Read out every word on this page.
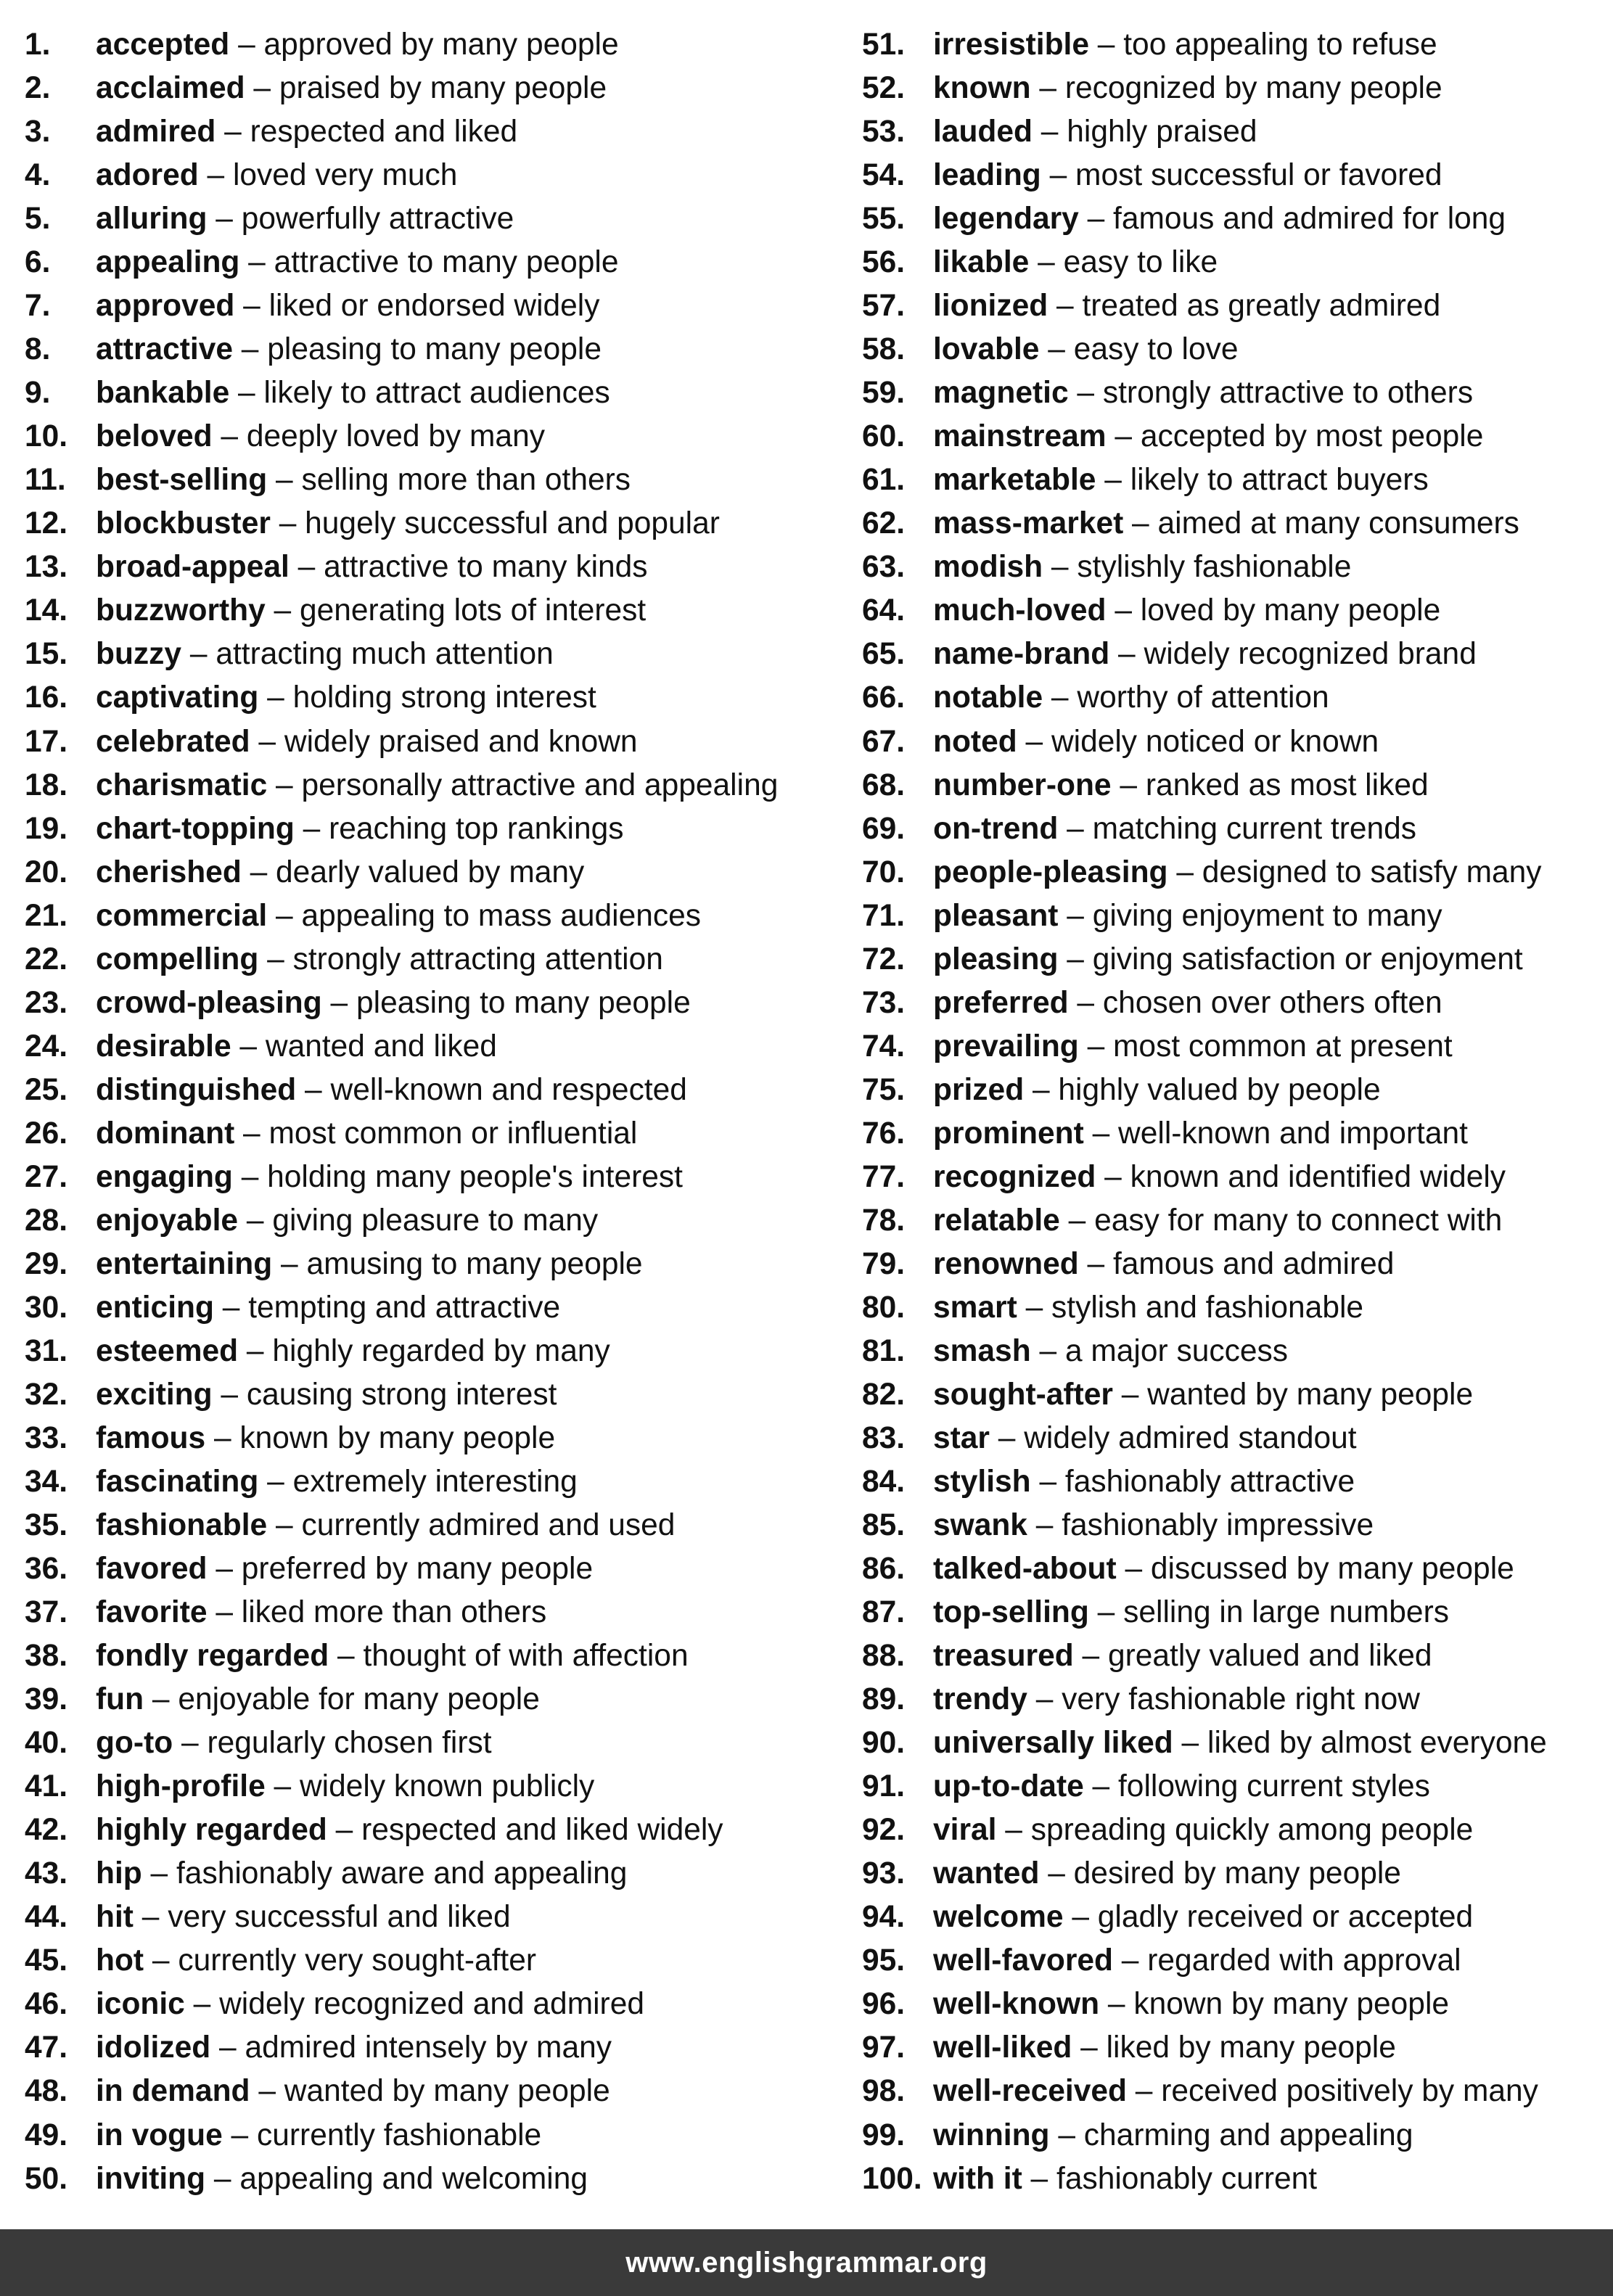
1. accepted – approved by many people
2. acclaimed – praised by many people
3. admired – respected and liked
4. adored – loved very much
5. alluring – powerfully attractive
6. appealing – attractive to many people
7. approved – liked or endorsed widely
8. attractive – pleasing to many people
9. bankable – likely to attract audiences
10. beloved – deeply loved by many
11. best-selling – selling more than others
12. blockbuster – hugely successful and popular
13. broad-appeal – attractive to many kinds
14. buzzworthy – generating lots of interest
15. buzzy – attracting much attention
16. captivating – holding strong interest
17. celebrated – widely praised and known
18. charismatic – personally attractive and appealing
19. chart-topping – reaching top rankings
20. cherished – dearly valued by many
21. commercial – appealing to mass audiences
22. compelling – strongly attracting attention
23. crowd-pleasing – pleasing to many people
24. desirable – wanted and liked
25. distinguished – well-known and respected
26. dominant – most common or influential
27. engaging – holding many people's interest
28. enjoyable – giving pleasure to many
29. entertaining – amusing to many people
30. enticing – tempting and attractive
31. esteemed – highly regarded by many
32. exciting – causing strong interest
33. famous – known by many people
34. fascinating – extremely interesting
35. fashionable – currently admired and used
36. favored – preferred by many people
37. favorite – liked more than others
38. fondly regarded – thought of with affection
39. fun – enjoyable for many people
40. go-to – regularly chosen first
41. high-profile – widely known publicly
42. highly regarded – respected and liked widely
43. hip – fashionably aware and appealing
44. hit – very successful and liked
45. hot – currently very sought-after
46. iconic – widely recognized and admired
47. idolized – admired intensely by many
48. in demand – wanted by many people
49. in vogue – currently fashionable
50. inviting – appealing and welcoming
51. irresistible – too appealing to refuse
52. known – recognized by many people
53. lauded – highly praised
54. leading – most successful or favored
55. legendary – famous and admired for long
56. likable – easy to like
57. lionized – treated as greatly admired
58. lovable – easy to love
59. magnetic – strongly attractive to others
60. mainstream – accepted by most people
61. marketable – likely to attract buyers
62. mass-market – aimed at many consumers
63. modish – stylishly fashionable
64. much-loved – loved by many people
65. name-brand – widely recognized brand
66. notable – worthy of attention
67. noted – widely noticed or known
68. number-one – ranked as most liked
69. on-trend – matching current trends
70. people-pleasing – designed to satisfy many
71. pleasant – giving enjoyment to many
72. pleasing – giving satisfaction or enjoyment
73. preferred – chosen over others often
74. prevailing – most common at present
75. prized – highly valued by people
76. prominent – well-known and important
77. recognized – known and identified widely
78. relatable – easy for many to connect with
79. renowned – famous and admired
80. smart – stylish and fashionable
81. smash – a major success
82. sought-after – wanted by many people
83. star – widely admired standout
84. stylish – fashionably attractive
85. swank – fashionably impressive
86. talked-about – discussed by many people
87. top-selling – selling in large numbers
88. treasured – greatly valued and liked
89. trendy – very fashionable right now
90. universally liked – liked by almost everyone
91. up-to-date – following current styles
92. viral – spreading quickly among people
93. wanted – desired by many people
94. welcome – gladly received or accepted
95. well-favored – regarded with approval
96. well-known – known by many people
97. well-liked – liked by many people
98. well-received – received positively by many
99. winning – charming and appealing
100. with it – fashionably current
www.englishgrammar.org
